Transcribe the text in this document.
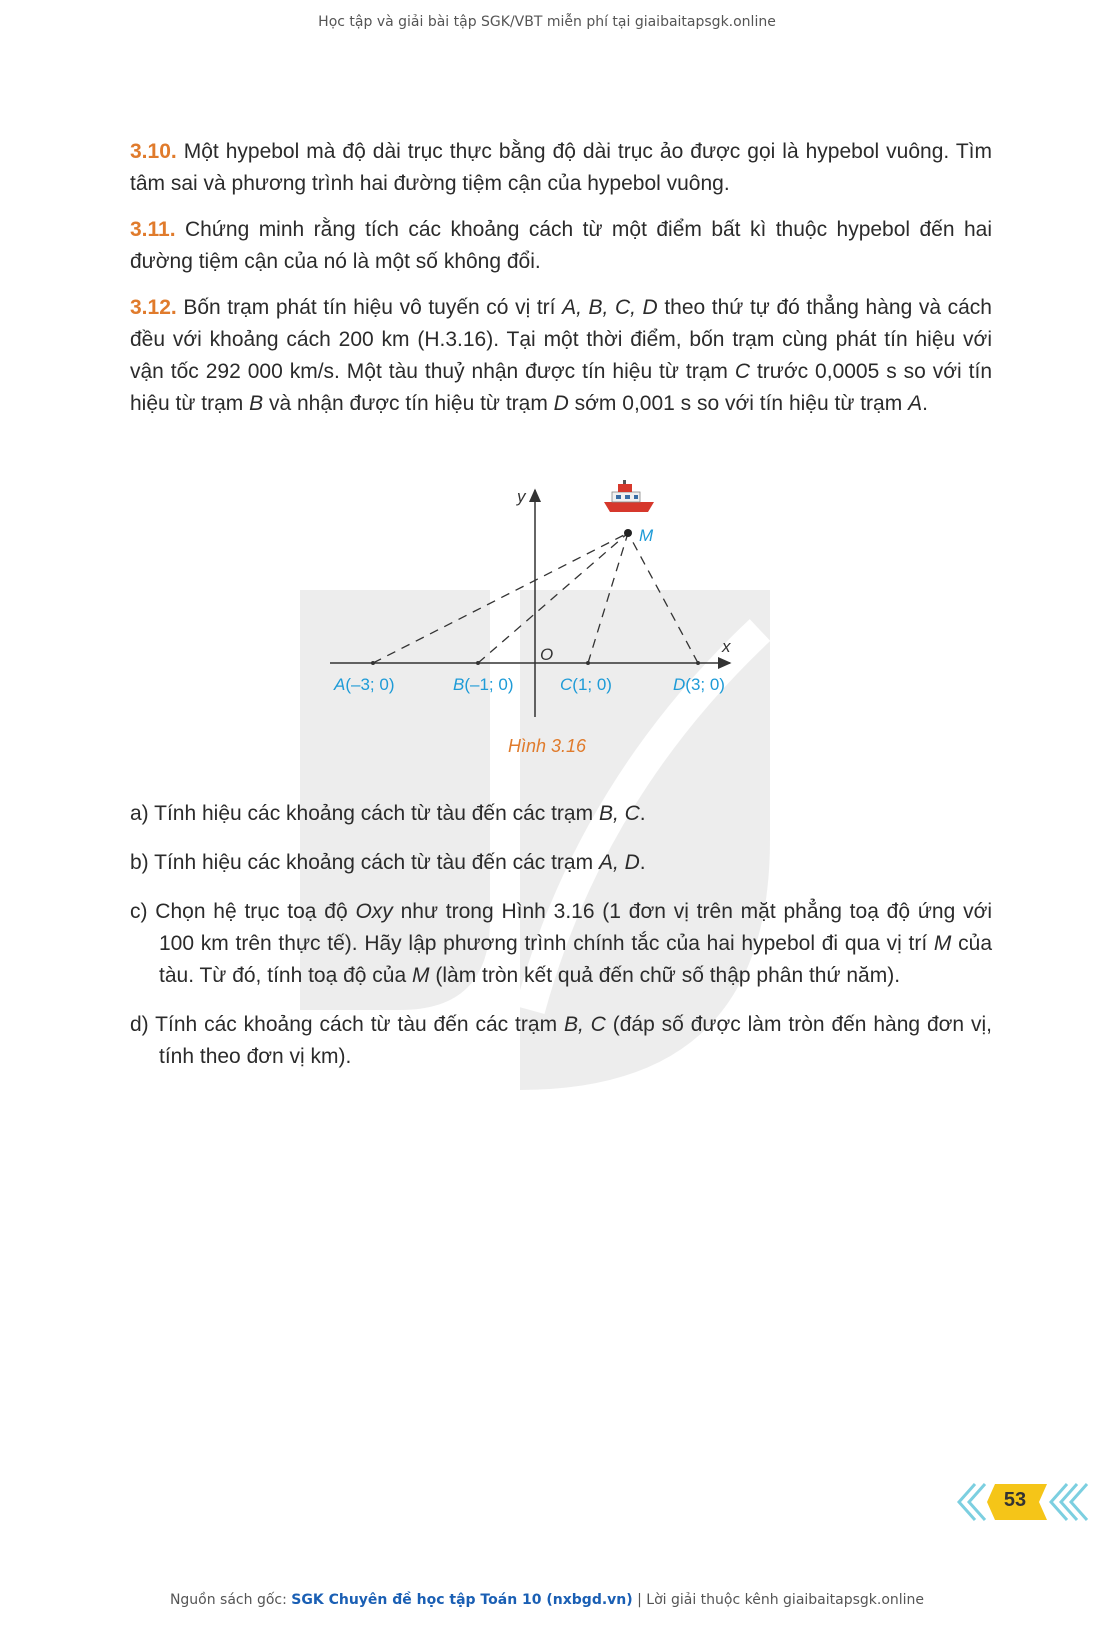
Học tập và giải bài tập SGK/VBT miễn phí tại giaibaitapsgk.online

3.10. Một hypebol mà độ dài trục thực bằng độ dài trục ảo được gọi là hypebol vuông. Tìm tâm sai và phương trình hai đường tiệm cận của hypebol vuông.

3.11. Chứng minh rằng tích các khoảng cách từ một điểm bất kì thuộc hypebol đến hai đường tiệm cận của nó là một số không đổi.

3.12. Bốn trạm phát tín hiệu vô tuyến có vị trí A, B, C, D theo thứ tự đó thẳng hàng và cách đều với khoảng cách 200 km (H.3.16). Tại một thời điểm, bốn trạm cùng phát tín hiệu với vận tốc 292 000 km/s. Một tàu thuỷ nhận được tín hiệu từ trạm C trước 0,0005 s so với tín hiệu từ trạm B và nhận được tín hiệu từ trạm D sớm 0,001 s so với tín hiệu từ trạm A.

y
x
O
M
A(–3; 0)	B(–1; 0)	C(1; 0)	D(3; 0)
Hình 3.16

a) Tính hiệu các khoảng cách từ tàu đến các trạm B, C.

b) Tính hiệu các khoảng cách từ tàu đến các trạm A, D.

c) Chọn hệ trục toạ độ Oxy như trong Hình 3.16 (1 đơn vị trên mặt phẳng toạ độ ứng với 100 km trên thực tế). Hãy lập phương trình chính tắc của hai hypebol đi qua vị trí M của tàu. Từ đó, tính toạ độ của M (làm tròn kết quả đến chữ số thập phân thứ năm).

d) Tính các khoảng cách từ tàu đến các trạm B, C (đáp số được làm tròn đến hàng đơn vị, tính theo đơn vị km).

53
Nguồn sách gốc: SGK Chuyên đề học tập Toán 10 (nxbgd.vn) | Lời giải thuộc kênh giaibaitapsgk.online
